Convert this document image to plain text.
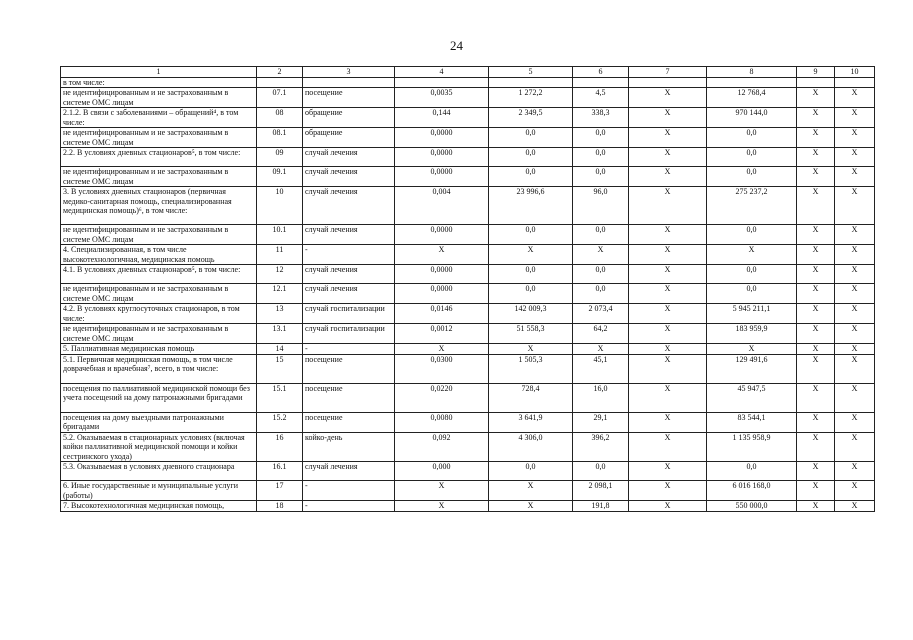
24
1	2	3	4	5	6	7	8	9	10
в том числе:									
не идентифицированным и не застрахованным в системе ОМС лицам	07.1	посещение	0,0035	1 272,2	4,5	X	12 768,4	X	X
2.1.2. В связи с заболеваниями – обращений⁴, в том числе:	08	обращение	0,144	2 349,5	338,3	X	970 144,0	X	X
не идентифицированным и не застрахованным в системе ОМС лицам	08.1	обращение	0,0000	0,0	0,0	X	0,0	X	X
2.2. В условиях дневных стационаров⁵, в том числе:	09	случай лечения	0,0000	0,0	0,0	X	0,0	X	X
не идентифицированным и не застрахованным в системе ОМС лицам	09.1	случай лечения	0,0000	0,0	0,0	X	0,0	X	X
3. В условиях дневных стационаров (первичная медико-санитарная помощь, специализированная медицинская помощь)⁶, в том числе:	10	случай лечения	0,004	23 996,6	96,0	X	275 237,2	X	X
не идентифицированным и не застрахованным в системе ОМС лицам	10.1	случай лечения	0,0000	0,0	0,0	X	0,0	X	X
4. Специализированная, в том числе высокотехнологичная, медицинская помощь	11	-	X	X	X	X	X	X	X
4.1. В условиях дневных стационаров⁵, в том числе:	12	случай лечения	0,0000	0,0	0,0	X	0,0	X	X
не идентифицированным и не застрахованным в системе ОМС лицам	12.1	случай лечения	0,0000	0,0	0,0	X	0,0	X	X
4.2. В условиях круглосуточных стационаров, в том числе:	13	случай госпитализации	0,0146	142 009,3	2 073,4	X	5 945 211,1	X	X
не идентифицированным и не застрахованным в системе ОМС лицам	13.1	случай госпитализации	0,0012	51 558,3	64,2	X	183 959,9	X	X
5. Паллиативная медицинская помощь	14	-	X	X	X	X	X	X	X
5.1. Первичная медицинская помощь, в том числе доврачебная и врачебная⁷, всего, в том числе:	15	посещение	0,0300	1 505,3	45,1	X	129 491,6	X	X
посещения по паллиативной медицинской помощи без учета посещений на дому патронажными бригадами	15.1	посещение	0,0220	728,4	16,0	X	45 947,5	X	X
посещения на дому выездными патронажными бригадами	15.2	посещение	0,0080	3 641,9	29,1	X	83 544,1	X	X
5.2. Оказываемая в стационарных условиях (включая койки паллиативной медицинской помощи и койки сестринского ухода)	16	койко-день	0,092	4 306,0	396,2	X	1 135 958,9	X	X
5.3. Оказываемая в условиях дневного стационара	16.1	случай лечения	0,000	0,0	0,0	X	0,0	X	X
6. Иные государственные и муниципальные услуги (работы)	17	-	X	X	2 098,1	X	6 016 168,0	X	X
7. Высокотехнологичная медицинская помощь,	18	-	X	X	191,8	X	550 000,0	X	X
